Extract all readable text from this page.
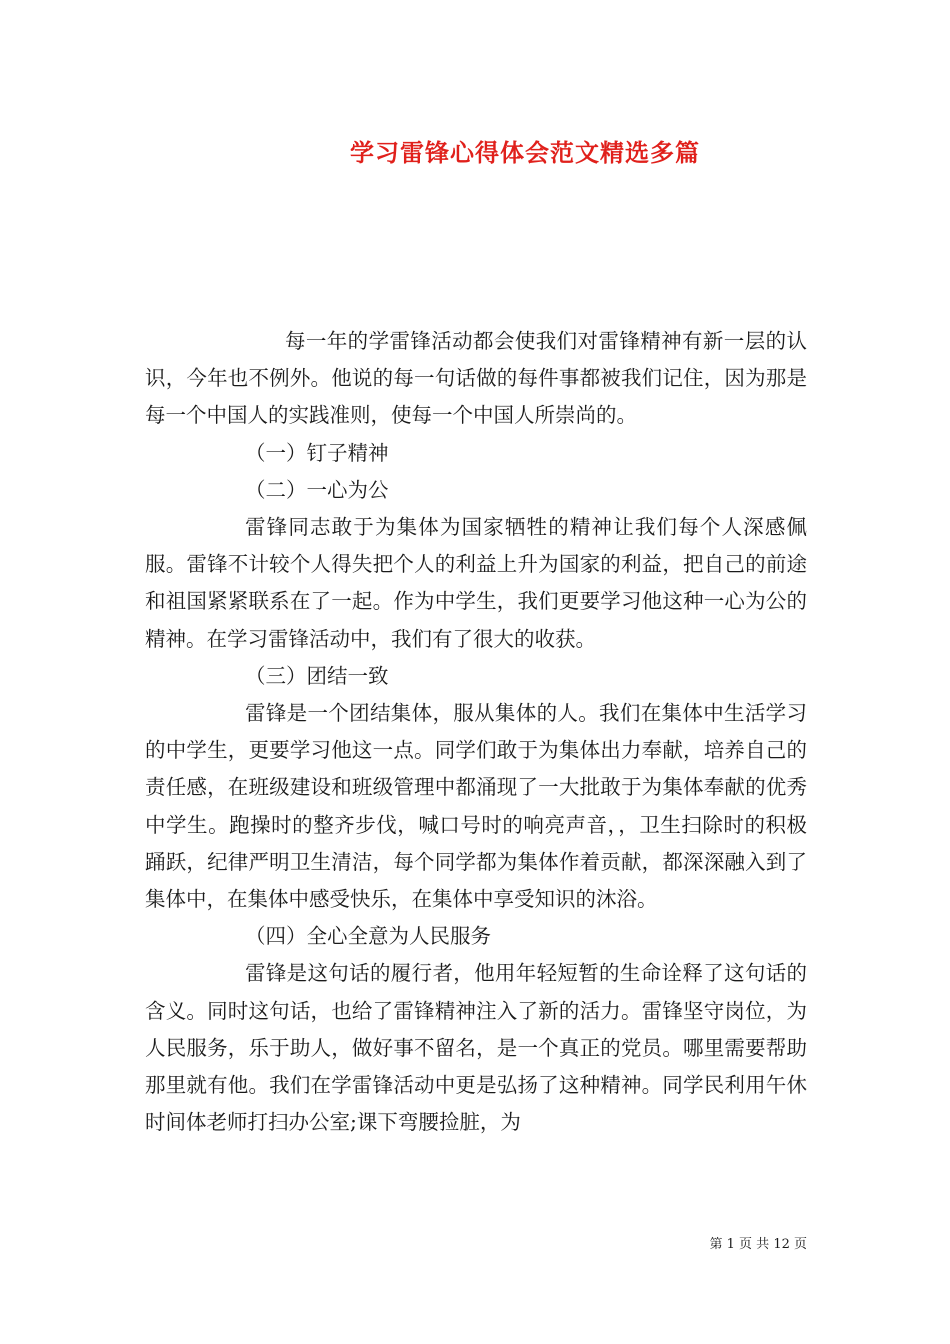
学习雷锋心得体会范文精选多篇

每一年的学雷锋活动都会使我们对雷锋精神有新一层的认识，今年也不例外。他说的每一句话做的每件事都被我们记住，因为那是每一个中国人的实践准则，使每一个中国人所崇尚的。

（一）钉子精神

（二）一心为公

雷锋同志敢于为集体为国家牺牲的精神让我们每个人深感佩服。雷锋不计较个人得失把个人的利益上升为国家的利益，把自己的前途和祖国紧紧联系在了一起。作为中学生，我们更要学习他这种一心为公的精神。在学习雷锋活动中，我们有了很大的收获。

（三）团结一致

雷锋是一个团结集体，服从集体的人。我们在集体中生活学习的中学生，更要学习他这一点。同学们敢于为集体出力奉献，培养自己的责任感，在班级建设和班级管理中都涌现了一大批敢于为集体奉献的优秀中学生。跑操时的整齐步伐，喊口号时的响亮声音，，卫生扫除时的积极踊跃，纪律严明卫生清洁，每个同学都为集体作着贡献，都深深融入到了集体中，在集体中感受快乐，在集体中享受知识的沐浴。

（四）全心全意为人民服务

雷锋是这句话的履行者，他用年轻短暂的生命诠释了这句话的含义。同时这句话，也给了雷锋精神注入了新的活力。雷锋坚守岗位，为人民服务，乐于助人，做好事不留名，是一个真正的党员。哪里需要帮助那里就有他。我们在学雷锋活动中更是弘扬了这种精神。同学民利用午休时间体老师打扫办公室;课下弯腰捡脏，为

第 1 页 共 12 页
